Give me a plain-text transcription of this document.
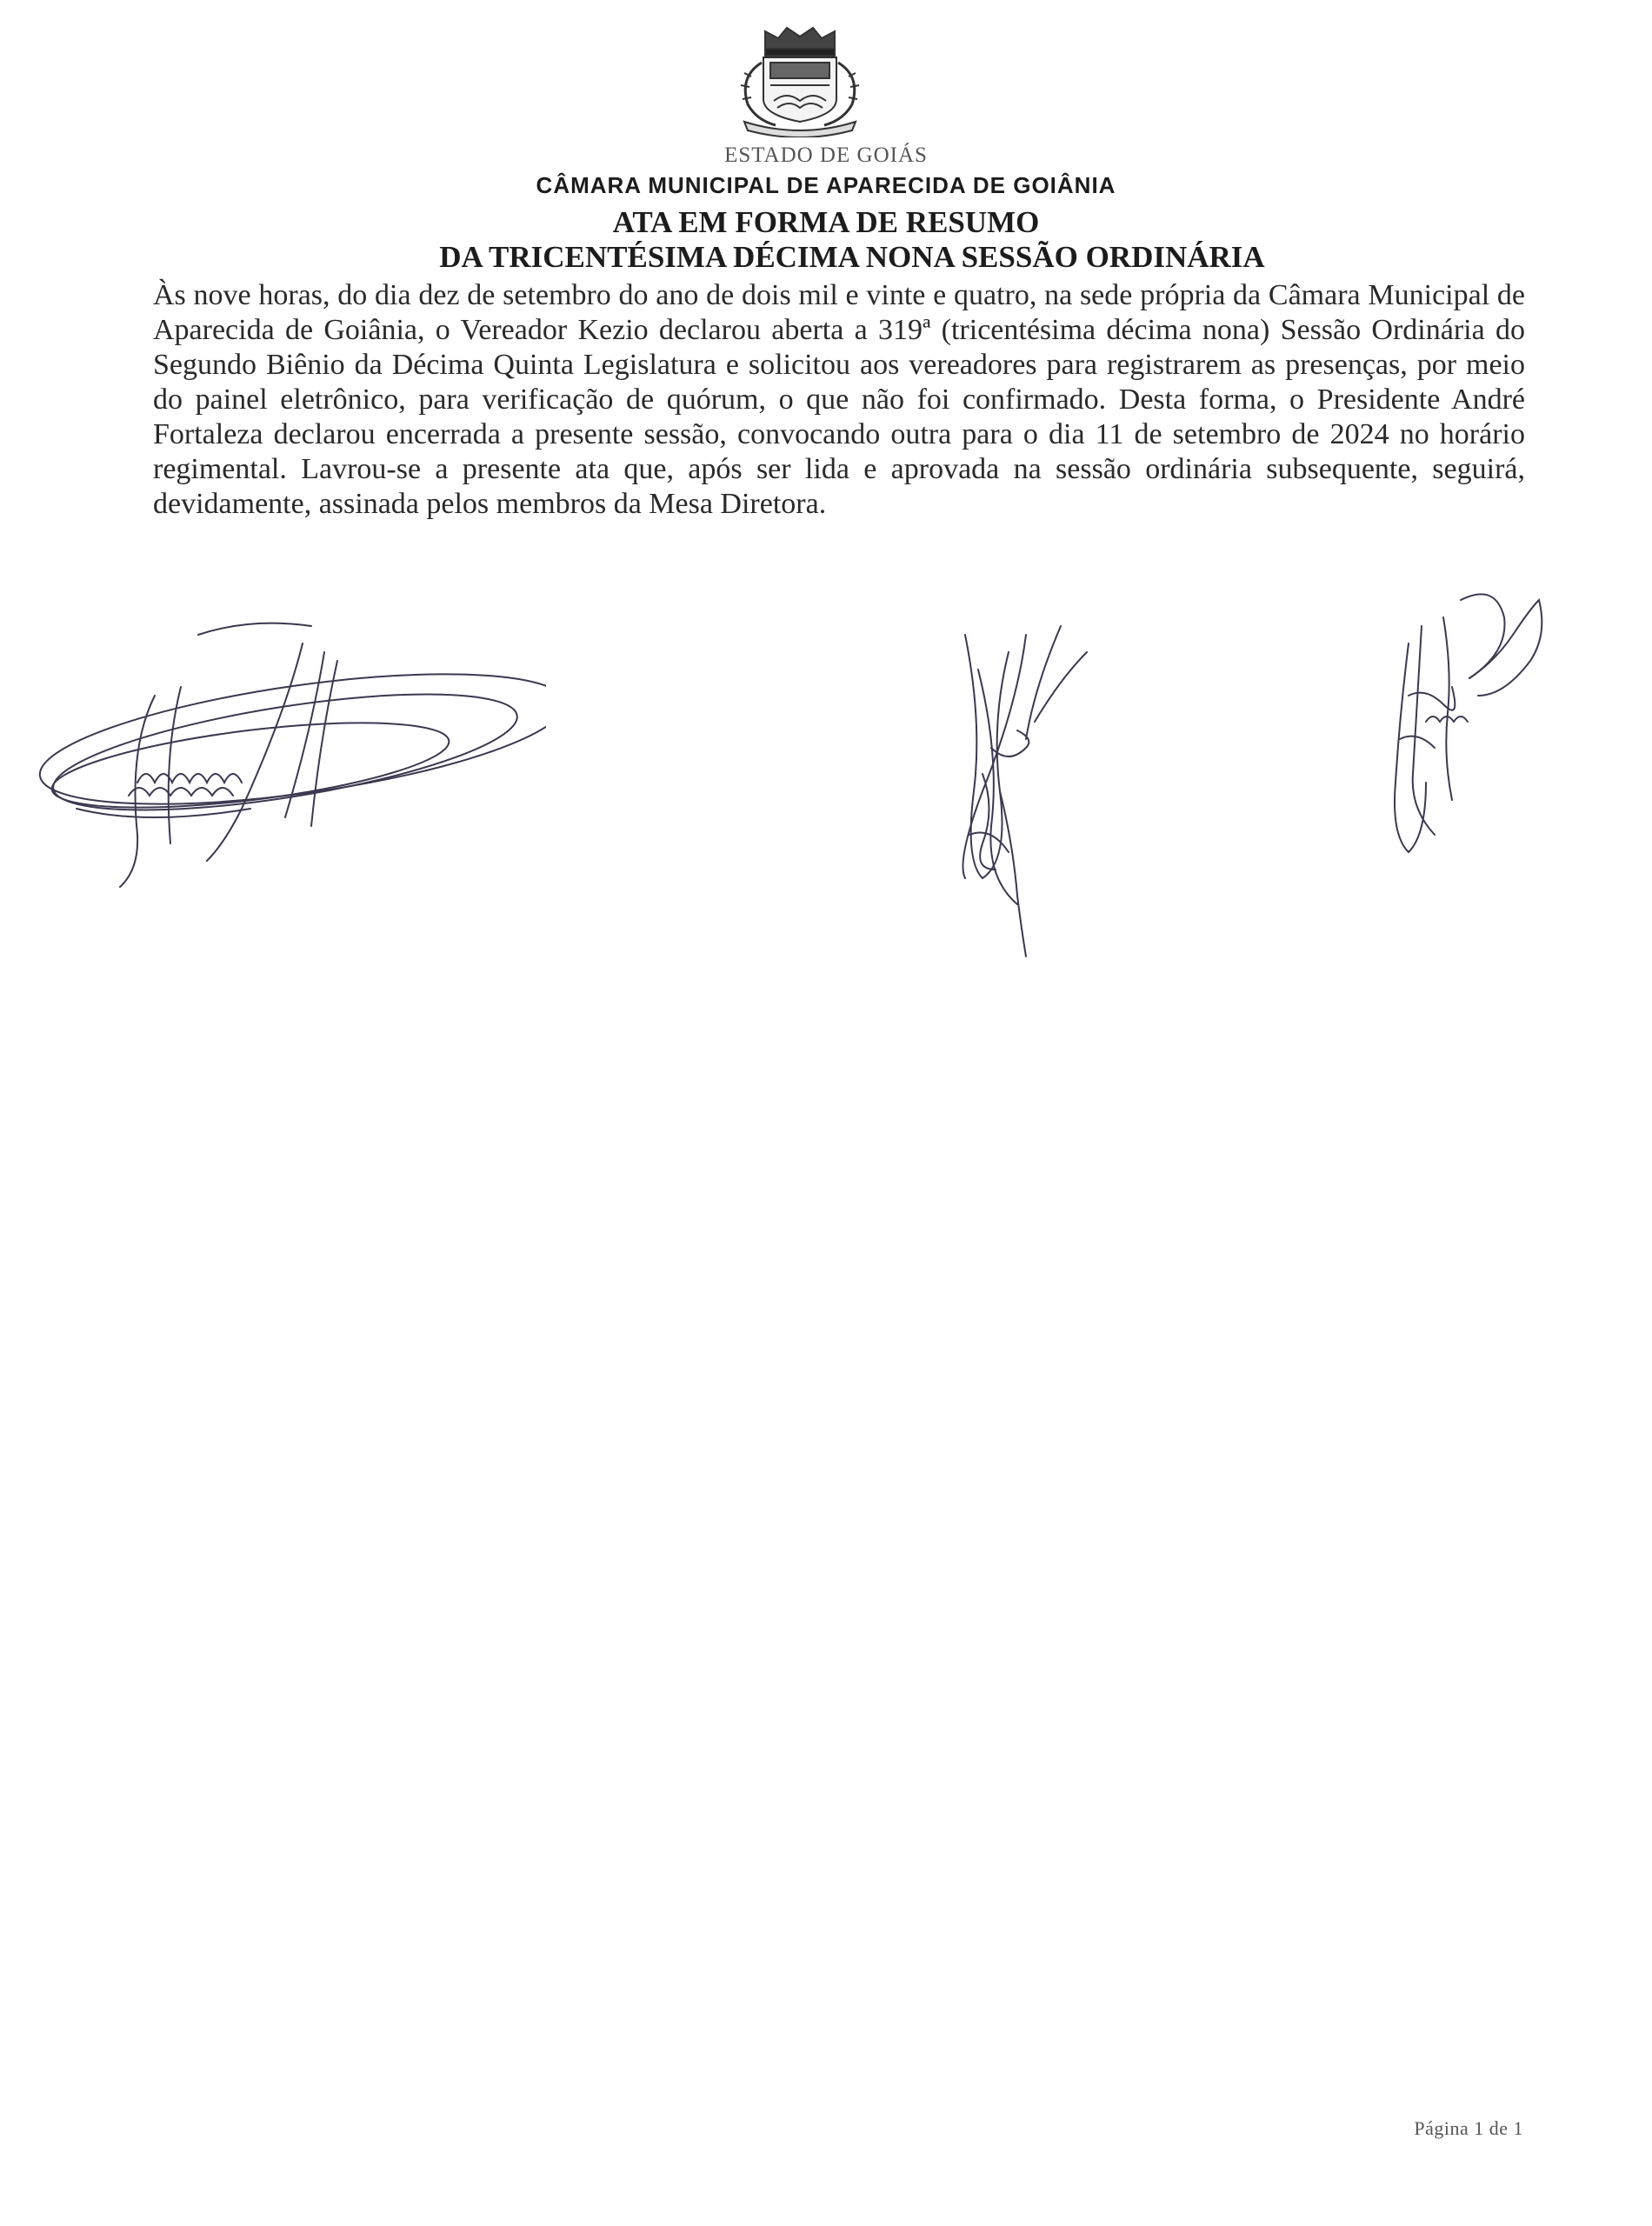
ESTADO DE GOIÁS
CÂMARA MUNICIPAL DE APARECIDA DE GOIÂNIA
ATA EM FORMA DE RESUMO
DA TRICENTÉSIMA DÉCIMA NONA SESSÃO ORDINÁRIA
Às nove horas, do dia dez de setembro do ano de dois mil e vinte e quatro, na sede própria da Câmara Municipal de Aparecida de Goiânia, o Vereador Kezio declarou aberta a 319ª (tricentésima décima nona) Sessão Ordinária do Segundo Biênio da Décima Quinta Legislatura e solicitou aos vereadores para registrarem as presenças, por meio do painel eletrônico, para verificação de quórum, o que não foi confirmado. Desta forma, o Presidente André Fortaleza declarou encerrada a presente sessão, convocando outra para o dia 11 de setembro de 2024 no horário regimental. Lavrou-se a presente ata que, após ser lida e aprovada na sessão ordinária subsequente, seguirá, devidamente, assinada pelos membros da Mesa Diretora.
Página 1 de 1
